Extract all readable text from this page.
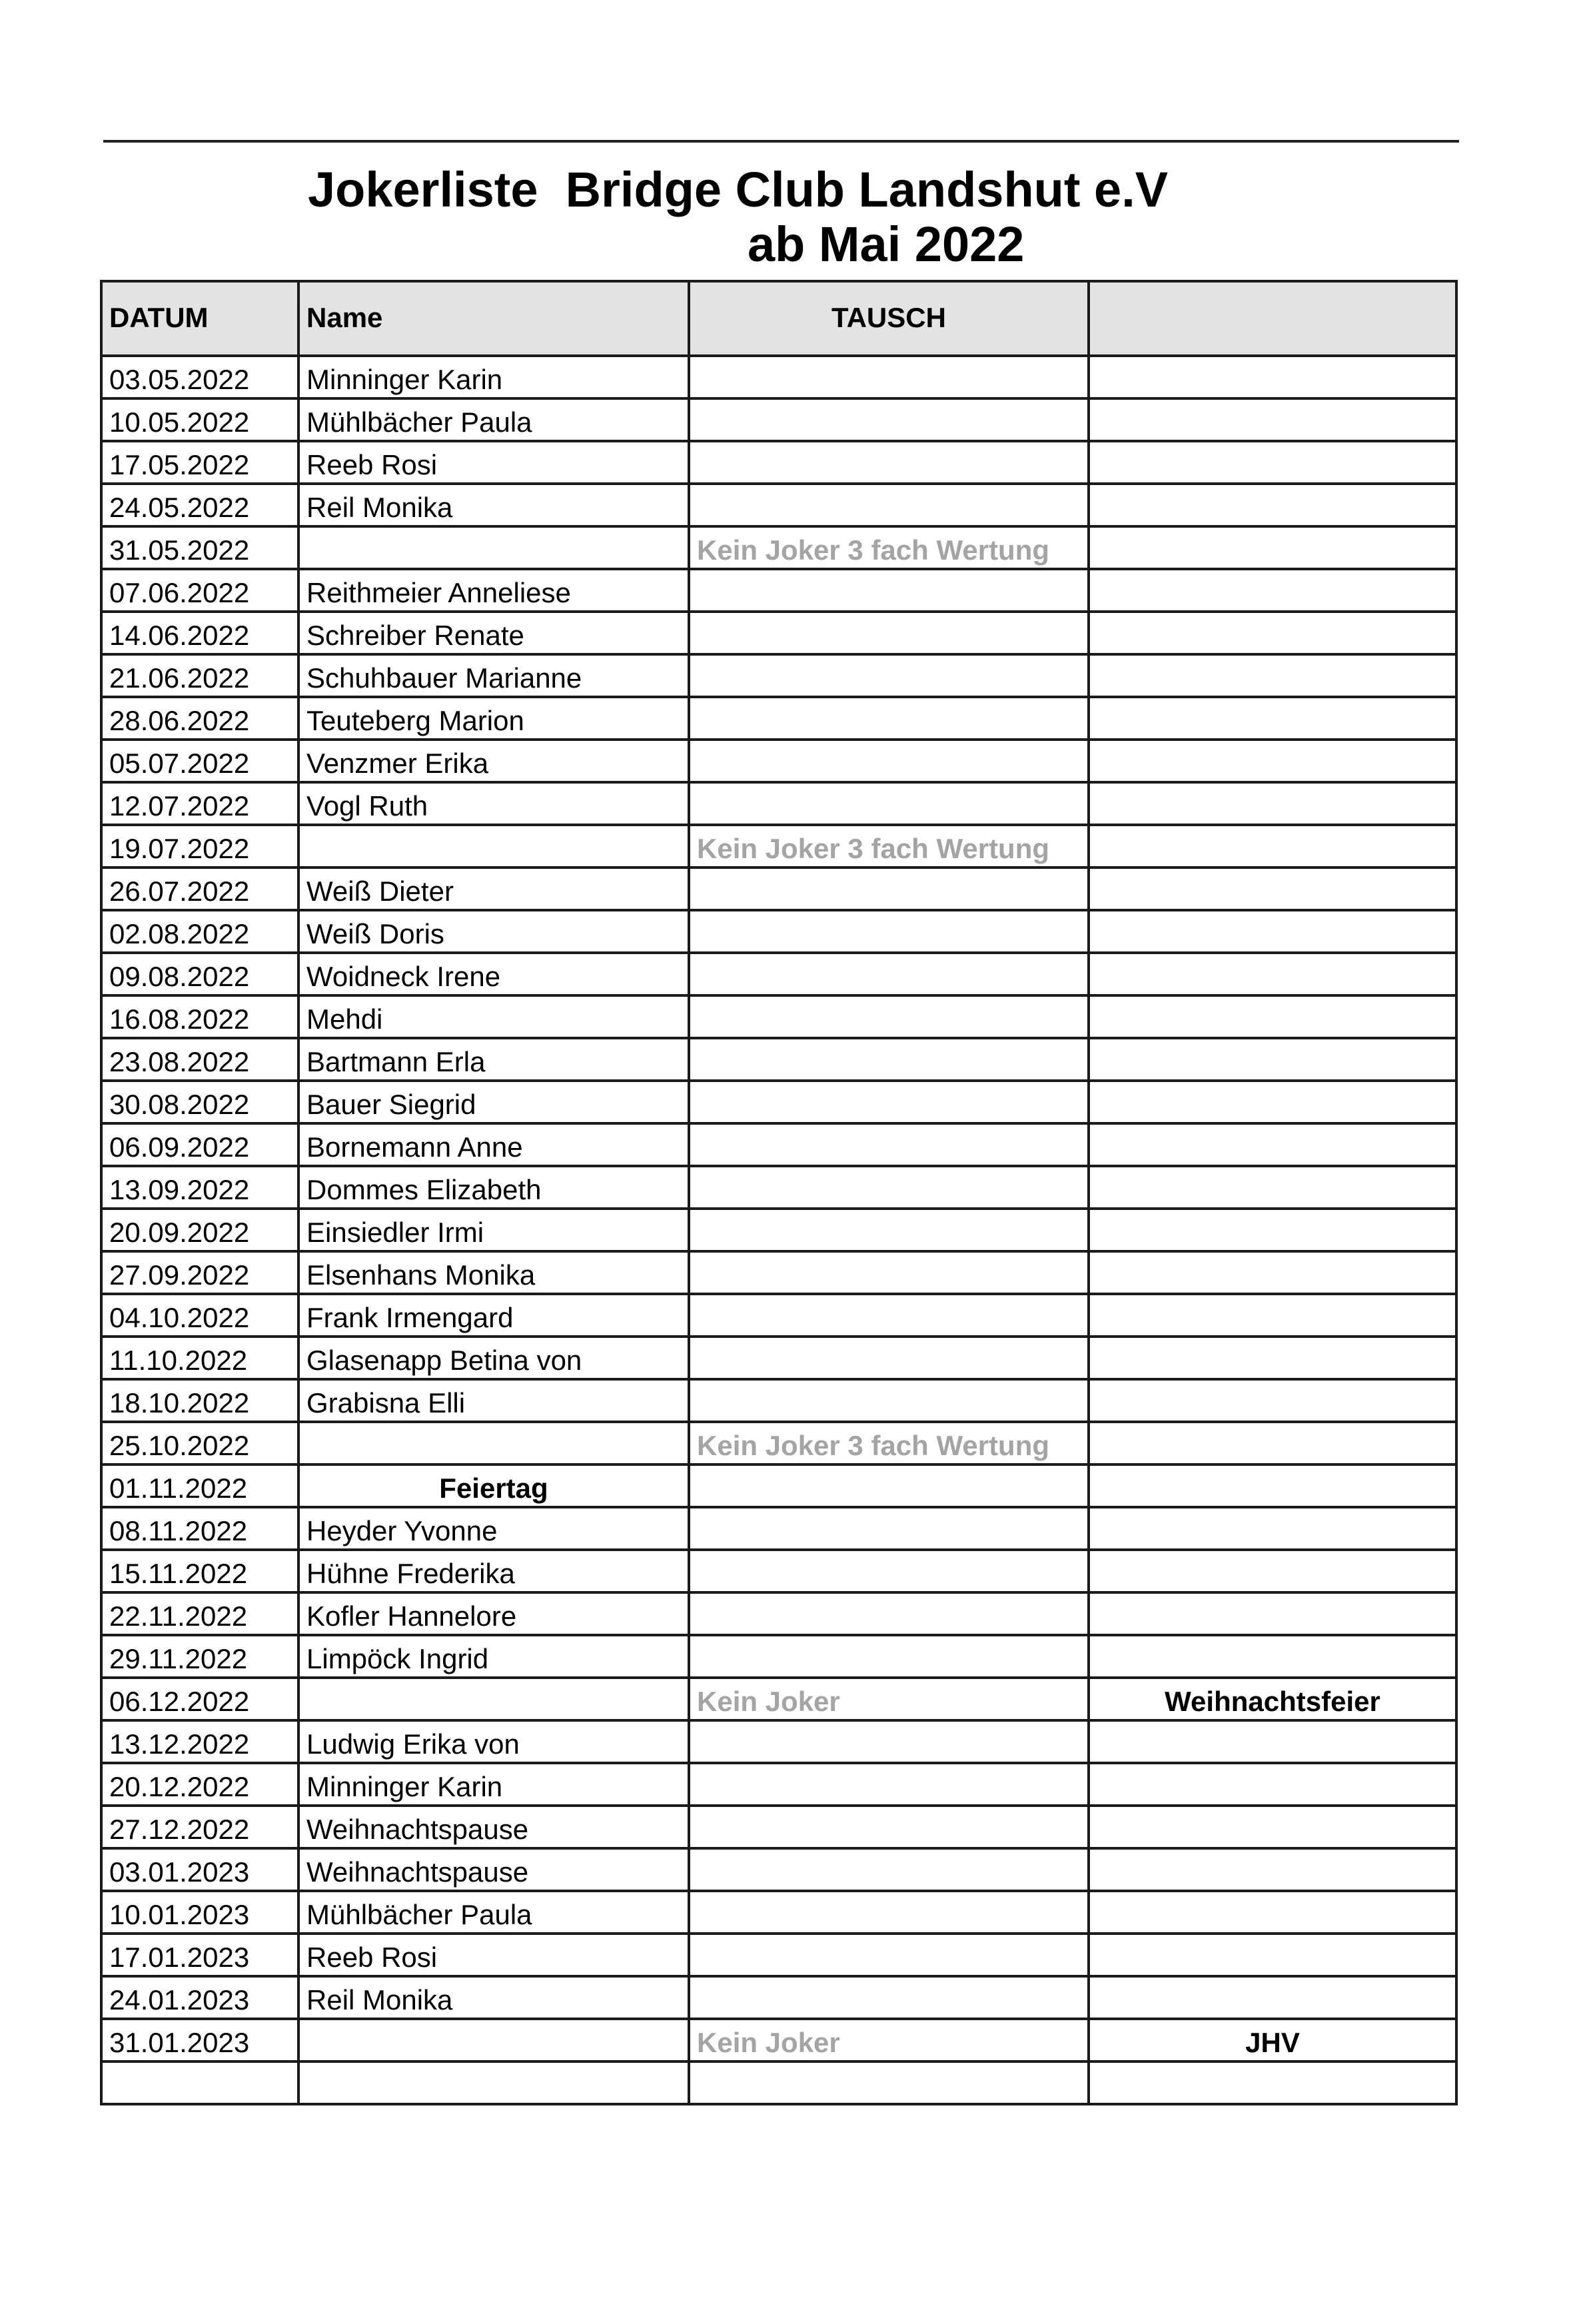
Jokerliste  Bridge Club Landshut e.V
ab Mai 2022
DATUM	Name	TAUSCH	
03.05.2022	Minninger Karin		
10.05.2022	Mühlbächer Paula		
17.05.2022	Reeb Rosi		
24.05.2022	Reil Monika		
31.05.2022		Kein Joker 3 fach Wertung	
07.06.2022	Reithmeier Anneliese		
14.06.2022	Schreiber Renate		
21.06.2022	Schuhbauer Marianne		
28.06.2022	Teuteberg Marion		
05.07.2022	Venzmer Erika		
12.07.2022	Vogl Ruth		
19.07.2022		Kein Joker 3 fach Wertung	
26.07.2022	Weiß Dieter		
02.08.2022	Weiß Doris		
09.08.2022	Woidneck Irene		
16.08.2022	Mehdi		
23.08.2022	Bartmann Erla		
30.08.2022	Bauer Siegrid		
06.09.2022	Bornemann Anne		
13.09.2022	Dommes Elizabeth		
20.09.2022	Einsiedler Irmi		
27.09.2022	Elsenhans Monika		
04.10.2022	Frank Irmengard		
11.10.2022	Glasenapp Betina von		
18.10.2022	Grabisna Elli		
25.10.2022		Kein Joker 3 fach Wertung	
01.11.2022	Feiertag		
08.11.2022	Heyder Yvonne		
15.11.2022	Hühne Frederika		
22.11.2022	Kofler Hannelore		
29.11.2022	Limpöck Ingrid		
06.12.2022		Kein Joker	Weihnachtsfeier
13.12.2022	Ludwig Erika von		
20.12.2022	Minninger Karin		
27.12.2022	Weihnachtspause		
03.01.2023	Weihnachtspause		
10.01.2023	Mühlbächer Paula		
17.01.2023	Reeb Rosi		
24.01.2023	Reil Monika		
31.01.2023		Kein Joker	JHV
